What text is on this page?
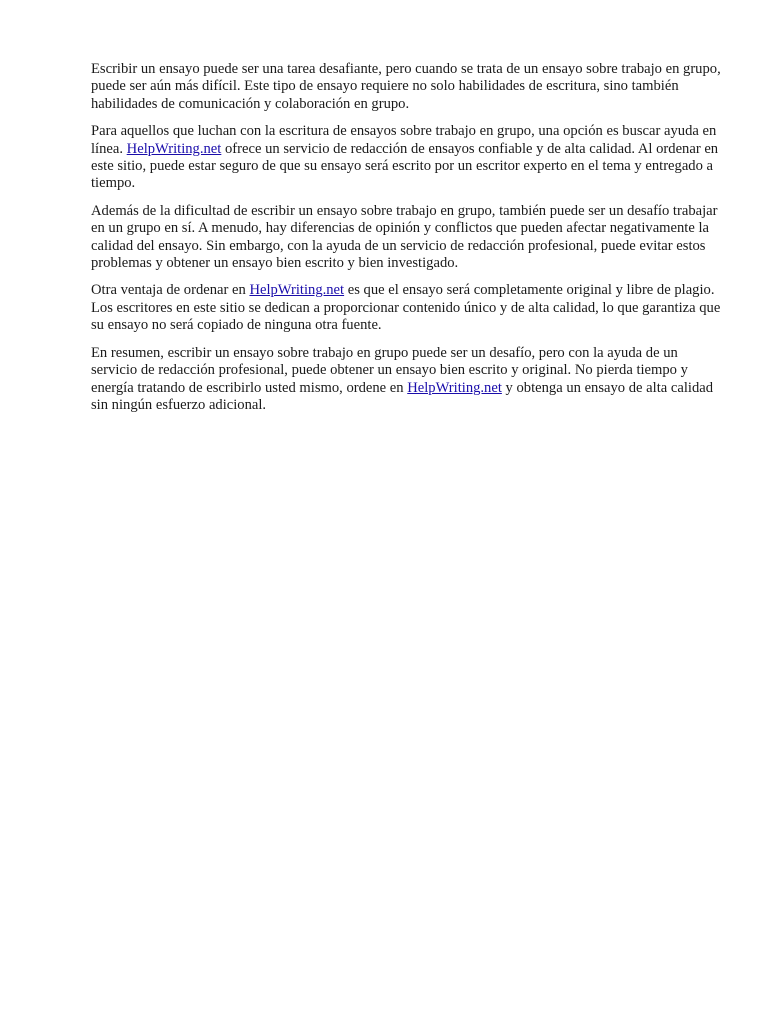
Escribir un ensayo puede ser una tarea desafiante, pero cuando se trata de un ensayo sobre trabajo en grupo, puede ser aún más difícil. Este tipo de ensayo requiere no solo habilidades de escritura, sino también habilidades de comunicación y colaboración en grupo.

Para aquellos que luchan con la escritura de ensayos sobre trabajo en grupo, una opción es buscar ayuda en línea. HelpWriting.net ofrece un servicio de redacción de ensayos confiable y de alta calidad. Al ordenar en este sitio, puede estar seguro de que su ensayo será escrito por un escritor experto en el tema y entregado a tiempo.

Además de la dificultad de escribir un ensayo sobre trabajo en grupo, también puede ser un desafío trabajar en un grupo en sí. A menudo, hay diferencias de opinión y conflictos que pueden afectar negativamente la calidad del ensayo. Sin embargo, con la ayuda de un servicio de redacción profesional, puede evitar estos problemas y obtener un ensayo bien escrito y bien investigado.

Otra ventaja de ordenar en HelpWriting.net es que el ensayo será completamente original y libre de plagio. Los escritores en este sitio se dedican a proporcionar contenido único y de alta calidad, lo que garantiza que su ensayo no será copiado de ninguna otra fuente.

En resumen, escribir un ensayo sobre trabajo en grupo puede ser un desafío, pero con la ayuda de un servicio de redacción profesional, puede obtener un ensayo bien escrito y original. No pierda tiempo y energía tratando de escribirlo usted mismo, ordene en HelpWriting.net y obtenga un ensayo de alta calidad sin ningún esfuerzo adicional.
